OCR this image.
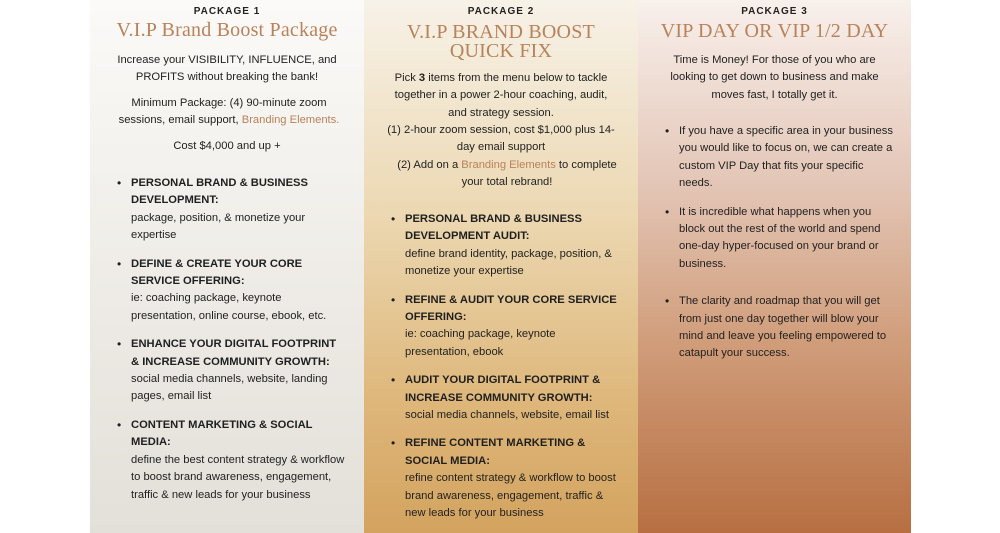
PACKAGE 1
V.I.P Brand Boost Package
Increase your VISIBILITY, INFLUENCE, and PROFITS without breaking the bank!
Minimum Package: (4) 90-minute zoom sessions, email support, Branding Elements.
Cost $4,000 and up +
• PERSONAL BRAND & BUSINESS DEVELOPMENT:
package, position, & monetize your expertise
• DEFINE & CREATE YOUR CORE SERVICE OFFERING:
ie: coaching package, keynote presentation, online course, ebook, etc.
• ENHANCE YOUR DIGITAL FOOTPRINT & INCREASE COMMUNITY GROWTH:
social media channels, website, landing pages, email list
• CONTENT MARKETING & SOCIAL MEDIA:
define the best content strategy & workflow to boost brand awareness, engagement, traffic & new leads for your business
PACKAGE 2
V.I.P BRAND BOOST QUICK FIX
Pick 3 items from the menu below to tackle together in a power 2-hour coaching, audit, and strategy session.
(1) 2-hour zoom session, cost $1,000 plus 14-day email support
(2) Add on a Branding Elements to complete your total rebrand!
• PERSONAL BRAND & BUSINESS DEVELOPMENT AUDIT:
define brand identity, package, position, & monetize your expertise
• REFINE & AUDIT YOUR CORE SERVICE OFFERING:
ie: coaching package, keynote presentation, ebook
• AUDIT YOUR DIGITAL FOOTPRINT & INCREASE COMMUNITY GROWTH:
social media channels, website, email list
• REFINE CONTENT MARKETING & SOCIAL MEDIA:
refine content strategy & workflow to boost brand awareness, engagement, traffic & new leads for your business
PACKAGE 3
VIP DAY OR VIP 1/2 DAY
Time is Money! For those of you who are looking to get down to business and make moves fast, I totally get it.
• If you have a specific area in your business you would like to focus on, we can create a custom VIP Day that fits your specific needs.
• It is incredible what happens when you block out the rest of the world and spend one-day hyper-focused on your brand or business.
• The clarity and roadmap that you will get from just one day together will blow your mind and leave you feeling empowered to catapult your success.
